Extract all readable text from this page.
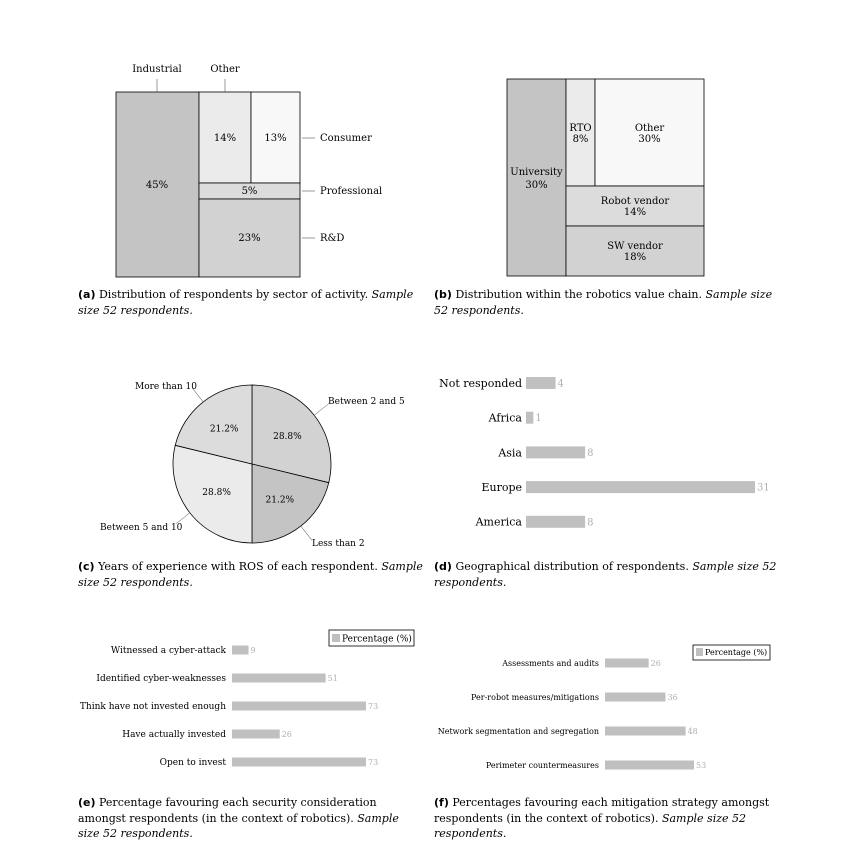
45%
14%	13%
5%
23%
Industrial	Other
Consumer
Professional
R&D
University
30%
RTO
8%
Other
30%
Robot vendor
14%
SW vendor
18%
28.8%
21.2%
28.8%
21.2%
Between 2 and 5
Less than 2
Between 5 and 10
More than 10	Not responded	4
Africa 1
Asia	8
Europe	31
America	8
Witnessed a cyber-attack	9
Identified cyber-weaknesses	51
Think have not invested enough	73
Have actually invested	26
Open to invest	73
Percentage (%)
Assessments and audits	26
Per-robot measures/mitigations	36
Network segmentation and segregation	48
Perimeter countermeasures	53
Percentage (%)
(a) Distribution of respondents by sector of activity. Sample size 52 respondents.
(b) Distribution within the robotics value chain. Sample size 52 respondents.
(c) Years of experience with ROS of each respondent. Sample size 52 respondents.
(d) Geographical distribution of respondents. Sample size 52 respondents.
(e) Percentage favouring each security consideration amongst respondents (in the context of robotics). Sample size 52 respondents.
(f) Percentages favouring each mitigation strategy amongst respondents (in the context of robotics). Sample size 52 respondents.
